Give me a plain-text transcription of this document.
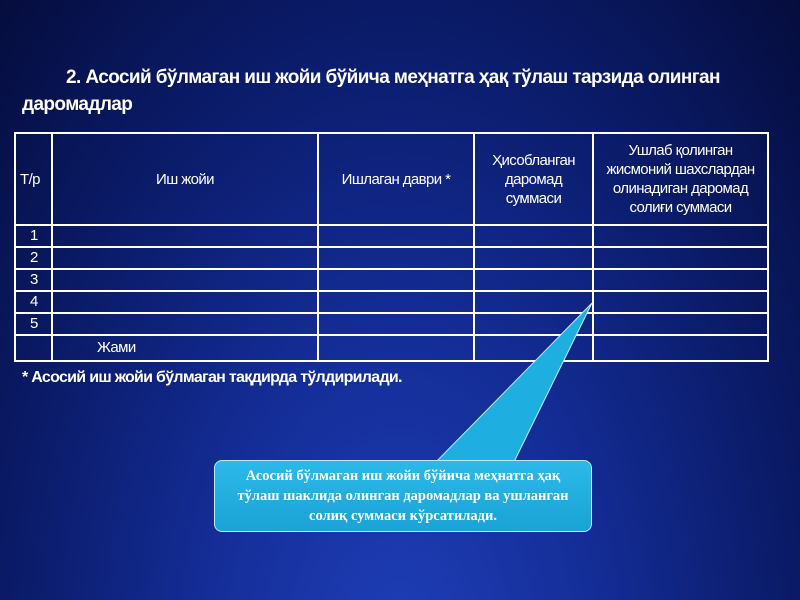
2. Асосий бўлмаган иш жойи бўйича меҳнатга ҳақ тўлаш тарзида олинган даромадлар
Т/р	Иш жойи	Ишлаган даври *	Ҳисобланган даромад суммаси	Ушлаб қолинган жисмоний шахслардан олинадиган даромад солиғи суммаси
1				
2				
3				
4				
5				
	Жами			
* Асосий иш жойи бўлмаган тақдирда тўлдирилади.
Асосий бўлмаган иш жойи бўйича меҳнатга ҳақ тўлаш шаклида олинган даромадлар ва ушланган солиқ суммаси кўрсатилади.
